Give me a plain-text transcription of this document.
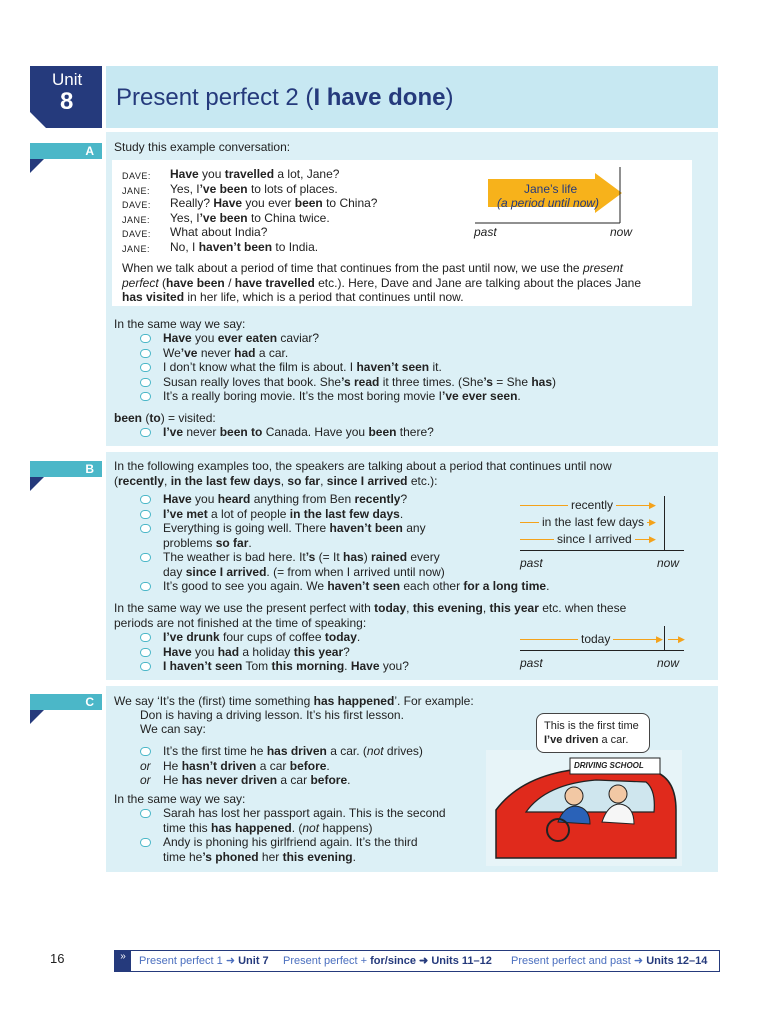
Unit
8 Present perfect 2 (I have done)
A Study this example conversation:
DAVE: Have you travelled a lot, Jane?
JANE: Yes, I’ve been to lots of places.
DAVE: Really? Have you ever been to China?
JANE: Yes, I’ve been to China twice.
DAVE: What about India?
JANE: No, I haven’t been to India.
Jane’s life
(a period until now)
past	now
When we talk about a period of time that continues from the past until now, we use the present
perfect (have been / have travelled etc.). Here, Dave and Jane are talking about the places Jane
has visited in her life, which is a period that continues until now.
In the same way we say:
Have you ever eaten caviar?
We’ve never had a car.
I don’t know what the film is about. I haven’t seen it.
Susan really loves that book. She’s read it three times. (She’s = She has)
It’s a really boring movie. It’s the most boring movie I’ve ever seen.
been (to) = visited:
I’ve never been to Canada. Have you been there?
B In the following examples too, the speakers are talking about a period that continues until now
(recently, in the last few days, so far, since I arrived etc.):
Have you heard anything from Ben recently?
I’ve met a lot of people in the last few days.
Everything is going well. There haven’t been any
problems so far.
The weather is bad here. It’s (= It has) rained every
day since I arrived. (= from when I arrived until now)
It’s good to see you again. We haven’t seen each other for a long time.
recently
in the last few days
since I arrived
▶
▶
▶
past	now
In the same way we use the present perfect with today, this evening, this year etc. when these
periods are not finished at the time of speaking:
I’ve drunk four cups of coffee today.
Have you had a holiday this year?
I haven’t seen Tom this morning. Have you?
today	▶ ▶
past	now
C We say ‘It’s the (first) time something has happened’. For example:
Don is having a driving lesson. It’s his first lesson.
We can say:
It’s the first time he has driven a car. (not drives)
or He hasn’t driven a car before.
or He has never driven a car before.
In the same way we say:
Sarah has lost her passport again. This is the second
time this has happened. (not happens)
Andy is phoning his girlfriend again. It’s the third
time he’s phoned her this evening.
DRIVING SCHOOL
This is the first time
I’ve driven a car.
16	»	Present perfect 1 ➜ Unit 7 Present perfect + for/since ➜ Units 11–12 Present perfect and past ➜ Units 12–14
